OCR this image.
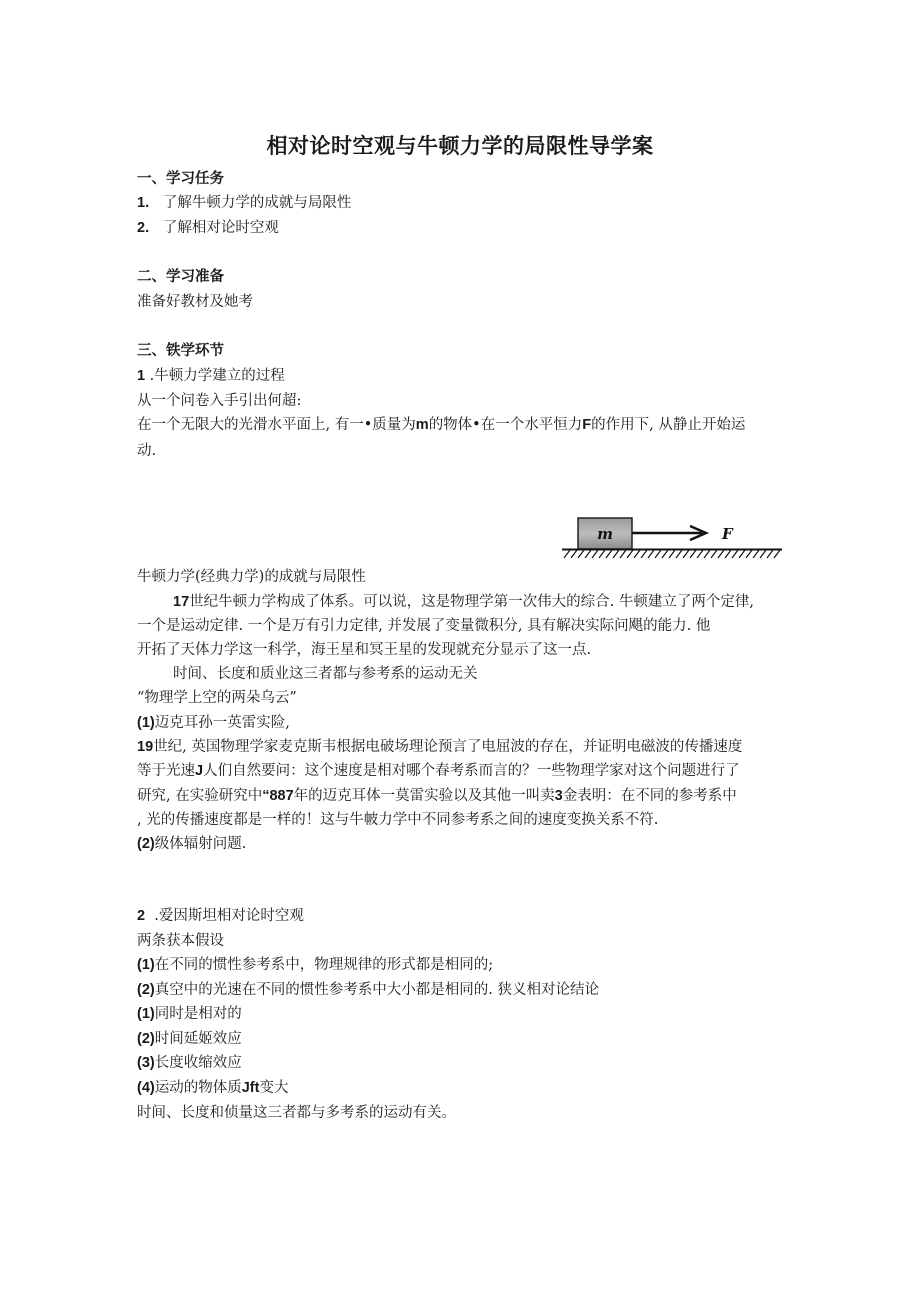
相对论时空观与牛顿力学的局限性导学案
一、学习任务
1. 了解牛顿力学的成就与局限性
2. 了解相对论时空观
二、学习准备
准备好教材及她考
三、铁学环节
1 .牛顿力学建立的过程
从一个问卷入手引出何超:
在一个无限大的光滑水平面上, 有一•质量为m的物体•在一个水平恒力F的作用下, 从静止开始运
动.
m	F
牛顿力学(经典力学)的成就与局限性
17世纪牛顿力学构成了体系。可以说，这是物理学第一次伟大的综合. 牛顿建立了两个定律,
一个是运动定律. 一个是万有引力定律, 并发展了变量微积分, 具有解决实际问飓的能力. 他
开拓了天体力学这一科学，海王星和冥王星的发现就充分显示了这一点.
时间、长度和质业这三者都与参考系的运动无关
“物理学上空的两朵乌云”
(1)迈克耳孙一英雷实险,
19世纪, 英国物理学家麦克斯韦根据电破场理论预言了电屈波的存在，并证明电磁波的传播速度
等于光速J人们自然要问：这个速度是相对哪个春考系而言的？一些物理学家对这个问题进行了
研究, 在实验研究中“887年的迈克耳体一莫雷实验以及其他一叫卖3金表明：在不同的参考系中
, 光的传播速度都是一样的！这与牛帔力学中不同参考系之间的速度变换关系不符.
(2)级体辐射问题.
2  .爱因斯坦相对论时空观
两条获本假设
(1)在不同的惯性参考系中，物理规律的形式都是相同的;
(2)真空中的光速在不同的惯性参考系中大小都是相同的. 狭义相对论结论
(1)同时是相对的
(2)时间延姬效应
(3)长度收缩效应
(4)运动的物体质Jft变大
时间、长度和侦量这三者都与多考系的运动有关。
